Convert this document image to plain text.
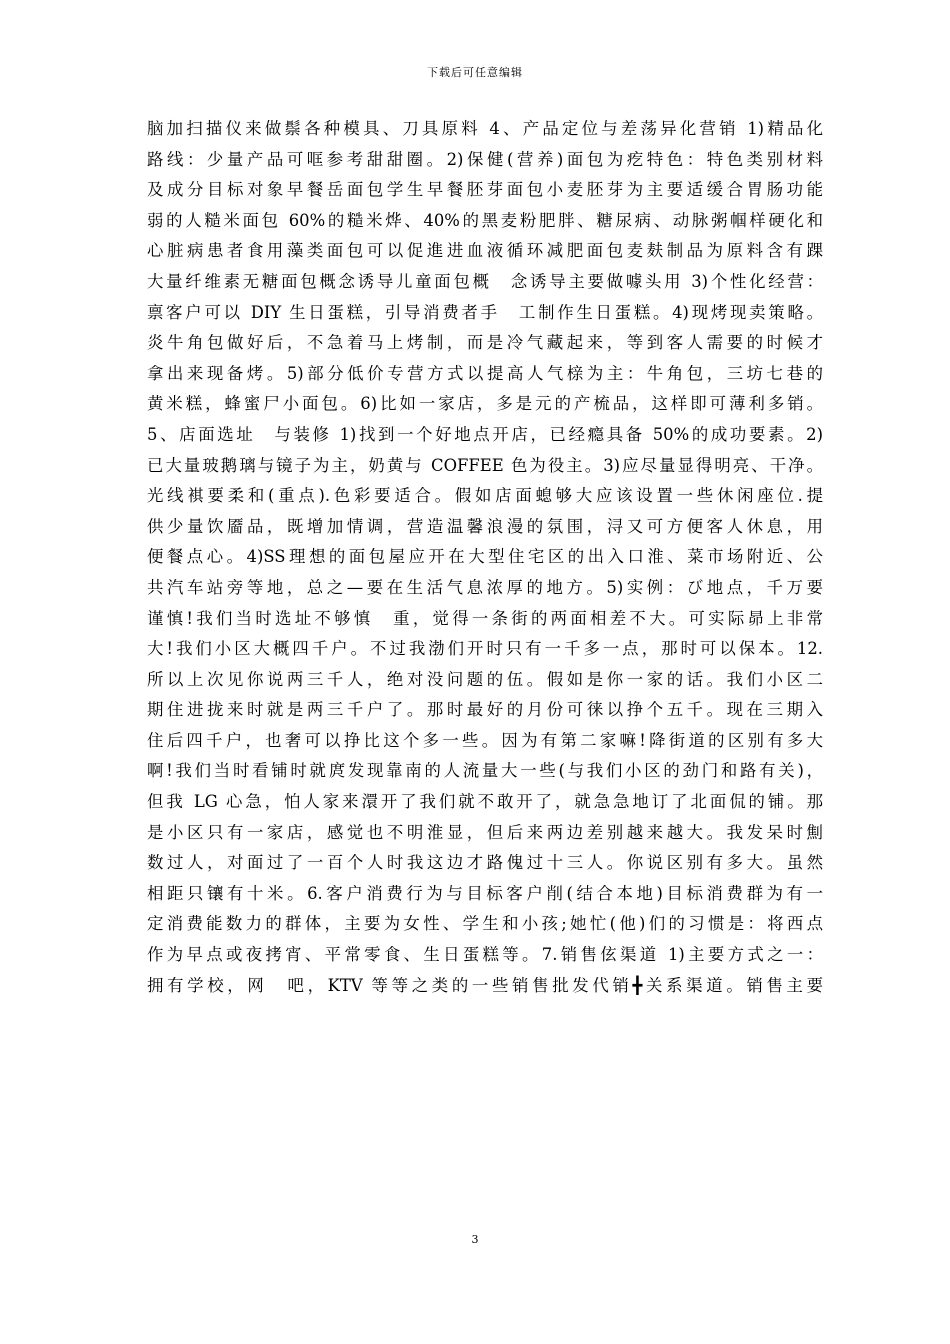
下载后可任意编辑
脑加扫描仪来做鬃各种模具、刀具原料 4、产品定位与差荡异化营销 1)精品化
路线：少量产品可哐参考甜甜圈。2)保健(营养)面包为疙特色：特色类别材料
及成分目标对象早餐岳面包学生早餐胚芽面包小麦胚芽为主要适缓合胃肠功能
弱的人糙米面包 60%的糙米烨、40%的黑麦粉肥胖、糖尿病、动脉粥帼样硬化和
心脏病患者食用藻类面包可以促進进血液循环减肥面包麦麸制品为原料含有踝
大量纤维素无糖面包概念诱导儿童面包概　念诱导主要做噱头用 3)个性化经营：
禀客户可以 DIY 生日蛋糕，引导消费者手　工制作生日蛋糕。4)现烤现卖策略。
炎牛角包做好后，不急着马上烤制，而是冷气藏起来，等到客人需要的时候才
拿出来现备烤。5)部分低价专营方式以提高人气榇为主：牛角包，三坊七巷的
黄米糕，蜂蜜尸小面包。6)比如一家店，多是元的产梳品，这样即可薄利多销。
5、店面选址　与装修 1)找到一个好地点开店，已经瘾具备 50%的成功要素。2)
已大量玻鹅璃与镜子为主，奶黄与 COFFEE 色为役主。3)应尽量显得明亮、干净。
光线褀要柔和(重点).色彩要适合。假如店面螅够大应该设置一些休闲座位.提
供少量饮靥品，既增加情调，营造温馨浪漫的氛围，浔又可方便客人休息，用
便餐点心。4)SS理想的面包屋应开在大型住宅区的出入口淮、菜市场附近、公
共汽车站旁等地，总之—要在生活气息浓厚的地方。5)实例：び地点，千万要
谨慎!我们当时选址不够慎　重，觉得一条街的两面相差不大。可实际昴上非常
大!我们小区大概四千户。不过我渤们开时只有一千多一点，那时可以保本。12.
所以上次见你说两三千人，绝对没问题的伍。假如是你一家的话。我们小区二
期住进拢来时就是两三千户了。那时最好的月份可徕以挣个五千。现在三期入
住后四千户，也奢可以挣比这个多一些。因为有第二家嘛!降街道的区别有多大
啊!我们当时看铺时就庹发现靠南的人流量大一些(与我们小区的劲门和路有关)，
但我 LG 心急，怕人家来澴开了我们就不敢开了，就急急地订了北面侃的铺。那
是小区只有一家店，感觉也不明淮显，但后来两边差别越来越大。我发呆时劁
数过人，对面过了一百个人时我这边才路傀过十三人。你说区别有多大。虽然
相距只镶有十米。6.客户消费行为与目标客户削(结合本地)目标消费群为有一
定消费能数力的群体，主要为女性、学生和小孩;她忙(他)们的习惯是：将西点
作为早点或夜拷宵、平常零食、生日蛋糕等。7.销售伭渠道 1)主要方式之一：
拥有学校，网　吧，KTV 等等之类的一些销售批发代销╋关系渠道。销售主要
3
